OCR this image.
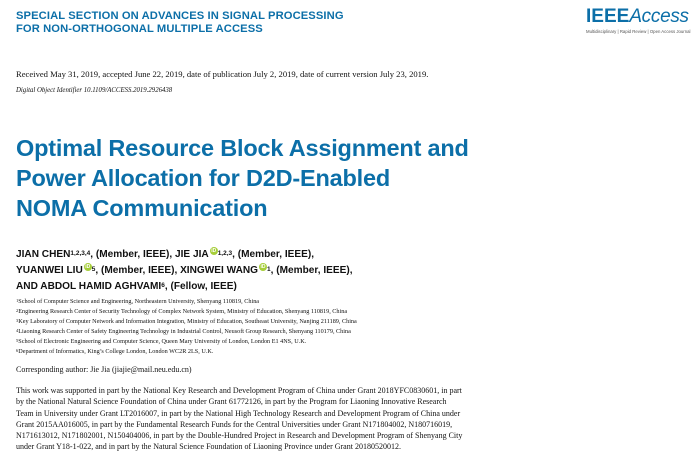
SPECIAL SECTION ON ADVANCES IN SIGNAL PROCESSING
FOR NON-ORTHOGONAL MULTIPLE ACCESS
IEEEAccess
Multidisciplinary | Rapid Review | Open Access Journal
Received May 31, 2019, accepted June 22, 2019, date of publication July 2, 2019, date of current version July 23, 2019.
Digital Object Identifier 10.1109/ACCESS.2019.2926438
Optimal Resource Block Assignment and
Power Allocation for D2D-Enabled
NOMA Communication
JIAN CHEN$^{1,2,3,4}$, (Member, IEEE), JIE JIA iD $^{1,2,3}$, (Member, IEEE),
YUANWEI LIU iD $^5$, (Member, IEEE), XINGWEI WANG iD $^1$, (Member, IEEE),
AND ABDOL HAMID AGHVAMI$^6$, (Fellow, IEEE)
$^1$School of Computer Science and Engineering, Northeastern University, Shenyang 110819, China
$^2$Engineering Research Center of Security Technology of Complex Network System, Ministry of Education, Shenyang 110819, China
$^3$Key Laboratory of Computer Network and Information Integration, Ministry of Education, Southeast University, Nanjing 211189, China
$^4$Liaoning Research Center of Safety Engineering Technology in Industrial Control, Neusoft Group Research, Shenyang 110179, China
$^5$School of Electronic Engineering and Computer Science, Queen Mary University of London, London E1 4NS, U.K.
$^6$Department of Informatics, King’s College London, London WC2R 2LS, U.K.
Corresponding author: Jie Jia (jiajie@mail.neu.edu.cn)
This work was supported in part by the National Key Research and Development Program of China under Grant 2018YFC0830601, in part
by the National Natural Science Foundation of China under Grant 61772126, in part by the Program for Liaoning Innovative Research
Team in University under Grant LT2016007, in part by the National High Technology Research and Development Program of China under
Grant 2015AA016005, in part by the Fundamental Research Funds for the Central Universities under Grant N171804002, N180716019,
N171613012, N171802001, N150404006, in part by the Double-Hundred Project in Research and Development Program of Shenyang City
under Grant Y18-1-022, and in part by the Natural Science Foundation of Liaoning Province under Grant 20180520012.
